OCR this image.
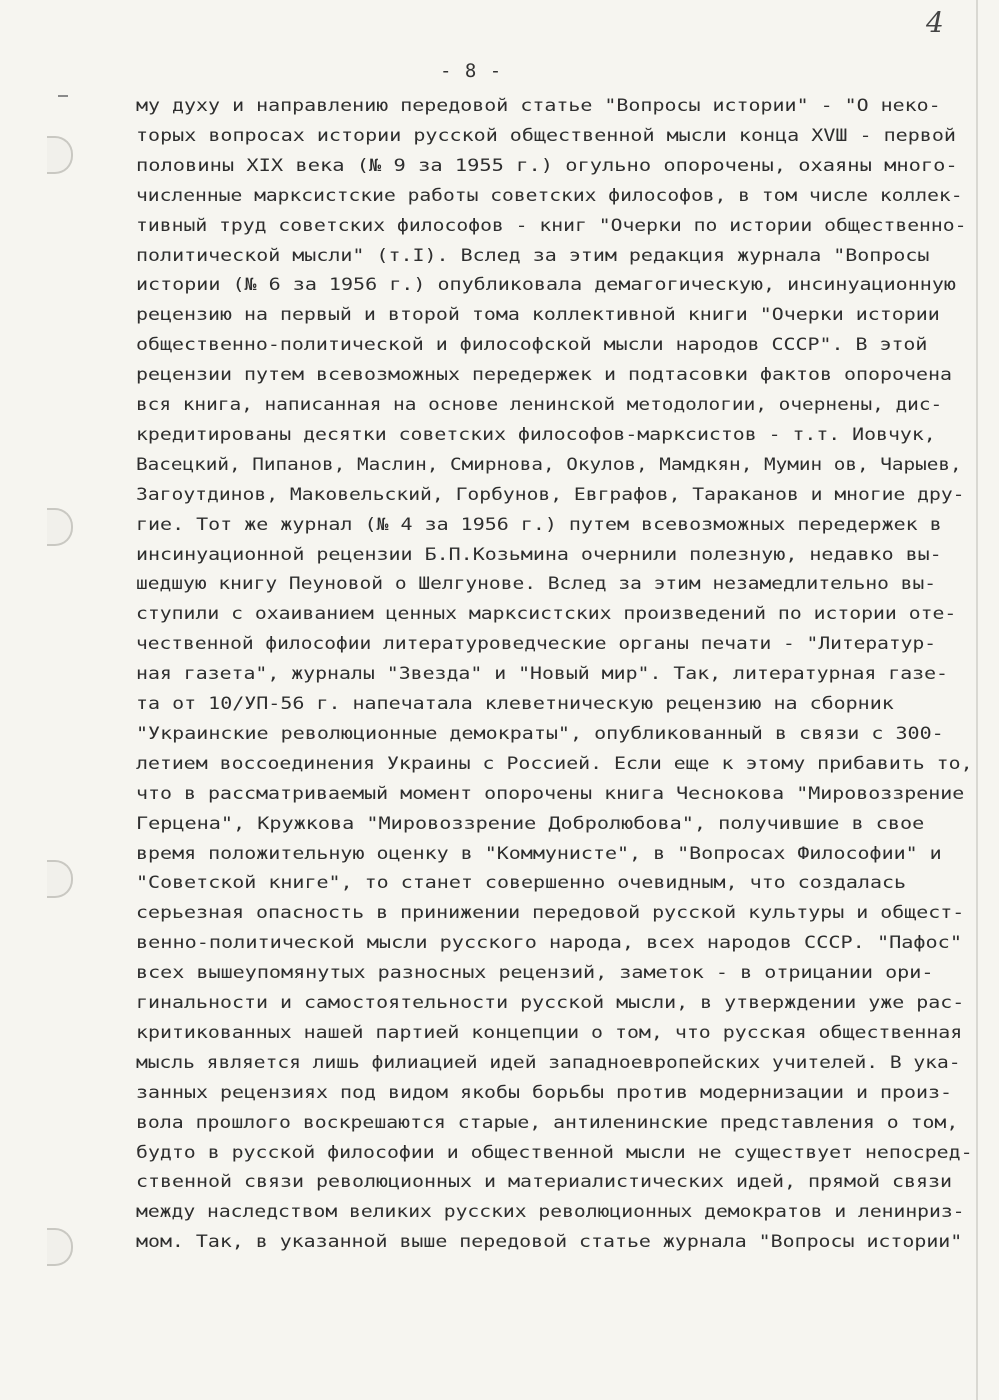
4
- 8 -
му духу и направлению передовой статье "Вопросы истории" - "О неко-
торых вопросах истории русской общественной мысли конца XVШ - первой
половины XIX века (№ 9 за 1955 г.) огульно опорочены, охаяны много-
численные марксистские работы советских философов, в том числе коллек-
тивный труд советских философов - книг "Очерки по истории общественно-
политической мысли" (т.I). Вслед за этим редакция журнала "Вопросы
истории (№ 6 за 1956 г.) опубликовала демагогическую, инсинуационную
рецензию на первый и второй тома коллективной книги "Очерки истории
общественно-политической и философской мысли народов СССР". В этой
рецензии путем всевозможных передержек и подтасовки фактов опорочена
вся книга, написанная на основе ленинской методологии, очернены, дис-
кредитированы десятки советских философов-марксистов - т.т. Иовчук,
Васецкий, Пипанов, Маслин, Смирнова, Окулов, Мамдкян, Мумин ов, Чарыев,
Загоутдинов, Маковельский, Горбунов, Евграфов, Тараканов и многие дру-
гие. Тот же журнал (№ 4 за 1956 г.) путем всевозможных передержек в
инсинуационной рецензии Б.П.Козьмина очернили полезную, недавко вы-
шедшую книгу Пеуновой о Шелгунове. Вслед за этим незамедлительно вы-
ступили с охаиванием ценных марксистских произведений по истории оте-
чественной философии литературоведческие органы печати - "Литератур-
ная газета", журналы "Звезда" и "Новый мир". Так, литературная газе-
та от 10/УП-56 г. напечатала клеветническую рецензию на сборник
"Украинские революционные демократы", опубликованный в связи с 300-
летием воссоединения Украины с Россией. Если еще к этому прибавить то,
что в рассматриваемый момент опорочены книга Чеснокова "Мировоззрение
Герцена", Кружкова "Мировоззрение Добролюбова", получившие в свое
время положительную оценку в "Коммунисте", в "Вопросах Философии" и
"Советской книге", то станет совершенно очевидным, что создалась
серьезная опасность в принижении передовой русской культуры и общест-
венно-политической мысли русского народа, всех народов СССР. "Пафос"
всех вышеупомянутых разносных рецензий, заметок - в отрицании ори-
гинальности и самостоятельности русской мысли, в утверждении уже рас-
критикованных нашей партией концепции о том, что русская общественная
мысль является лишь филиацией идей западноевропейских учителей. В ука-
занных рецензиях под видом якобы борьбы против модернизации и произ-
вола прошлого воскрешаются старые, антиленинские представления о том,
будто в русской философии и общественной мысли не существует непосред-
ственной связи революционных и материалистических идей, прямой связи
между наследством великих русских революционных демократов и ленинриз-
мом. Так, в указанной выше передовой статье журнала "Вопросы истории"
